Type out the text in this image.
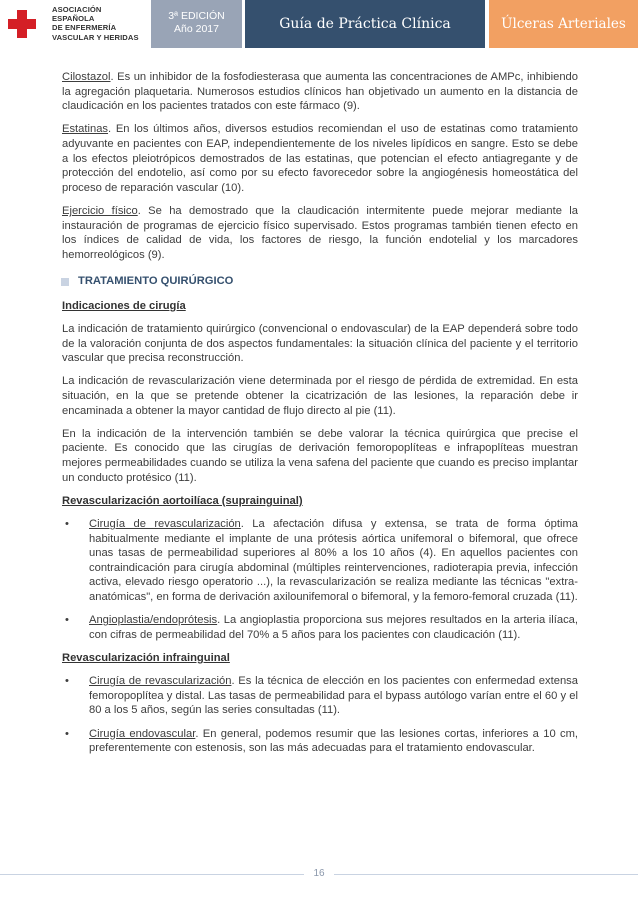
ASOCIACIÓN
ESPAÑOLA
DE ENFERMERÍA
VASCULAR Y HERIDAS
3ª EDICIÓN
Año 2017	Guía de Práctica Clínica	Úlceras Arteriales

Cilostazol. Es un inhibidor de la fosfodiesterasa que aumenta las concentraciones de AMPc, inhibiendo la agregación plaquetaria. Numerosos estudios clínicos han objetivado un aumento en la distancia de claudicación en los pacientes tratados con este fármaco (9).

Estatinas. En los últimos años, diversos estudios recomiendan el uso de estatinas como tratamiento adyuvante en pacientes con EAP, independientemente de los niveles lipídicos en sangre. Esto se debe a los efectos pleiotrópicos demostrados de las estatinas, que potencian el efecto antiagregante y de protección del endotelio, así como por su efecto favorecedor sobre la angiogénesis homeostática del proceso de reparación vascular (10).

Ejercicio físico. Se ha demostrado que la claudicación intermitente puede mejorar mediante la instauración de programas de ejercicio físico supervisado. Estos programas también tienen efecto en los índices de calidad de vida, los factores de riesgo, la función endotelial y los marcadores hemorreológicos (9).

TRATAMIENTO QUIRÚRGICO
Indicaciones de cirugía

La indicación de tratamiento quirúrgico (convencional o endovascular) de la EAP dependerá sobre todo de la valoración conjunta de dos aspectos fundamentales: la situación clínica del paciente y el territorio vascular que precisa reconstrucción.

La indicación de revascularización viene determinada por el riesgo de pérdida de extremidad. En esta situación, en la que se pretende obtener la cicatrización de las lesiones, la reparación debe ir encaminada a obtener la mayor cantidad de flujo directo al pie (11).

En la indicación de la intervención también se debe valorar la técnica quirúrgica que precise el paciente. Es conocido que las cirugías de derivación femoropoplíteas e infrapoplíteas muestran mejores permeabilidades cuando se utiliza la vena safena del paciente que cuando es preciso implantar un conducto protésico (11).

Revascularización aortoilíaca (suprainguinal)
• Cirugía de revascularización. La afectación difusa y extensa, se trata de forma óptima habitualmente mediante el implante de una prótesis aórtica unifemoral o bifemoral, que ofrece unas tasas de permeabilidad superiores al 80% a los 10 años (4). En aquellos pacientes con contraindicación para cirugía abdominal (múltiples reintervenciones, radioterapia previa, infección activa, elevado riesgo operatorio ...), la revascularización se realiza mediante las técnicas "extra-anatómicas", en forma de derivación axilounifemoral o bifemoral, y la femoro-femoral cruzada (11).
• Angioplastia/endoprótesis. La angioplastia proporciona sus mejores resultados en la arteria ilíaca, con cifras de permeabilidad del 70% a 5 años para los pacientes con claudicación (11).
Revascularización infrainguinal
• Cirugía de revascularización. Es la técnica de elección en los pacientes con enfermedad extensa femoropoplítea y distal. Las tasas de permeabilidad para el bypass autólogo varían entre el 60 y el 80 a los 5 años, según las series consultadas (11).
• Cirugía endovascular. En general, podemos resumir que las lesiones cortas, inferiores a 10 cm, preferentemente con estenosis, son las más adecuadas para el tratamiento endovascular.
16
